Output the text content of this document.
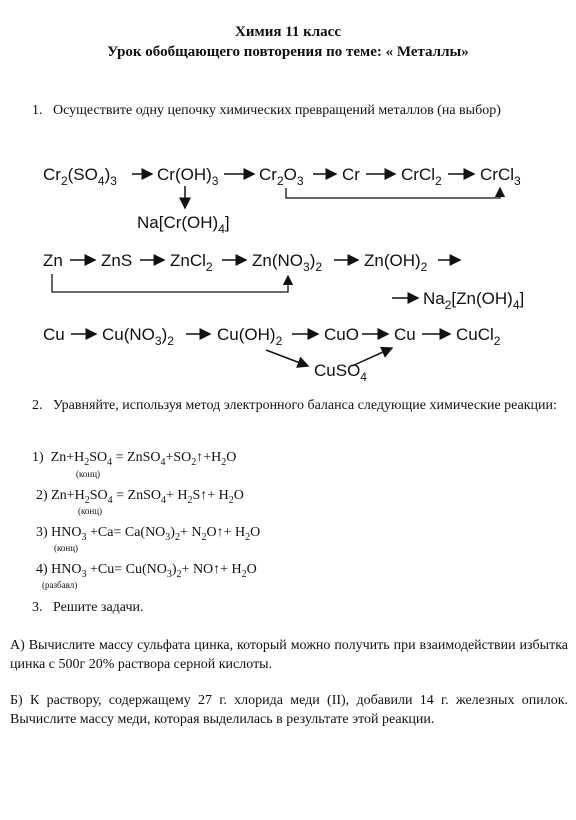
Химия 11 класс
Урок обобщающего повторения по теме: « Металлы»
1. Осуществите одну цепочку химических превращений металлов (на выбор)
$Cr_2(SO_4)_3$ $Cr(OH)_3$ $Cr_2O_3$ Cr CrCl$_2$ CrCl$_3$
$Na[Cr(OH)_4]$
Zn ZnS ZnCl$_2$ $Zn(NO_3)_2$ $Zn(OH)_2$
$Na_2[Zn(OH)_4]$
Cu $Cu(NO_3)_2$	$Cu(OH)_2$ CuO Cu CuCl$_2$
CuSO$_4$
2. Уравняйте, используя метод электронного баланса следующие химические реакции:
1)  $Zn+H_2SO_4$ = $ZnSO_4+SO_2↑+H_2O$
(конц)
2) $Zn+H_2SO_4$ = ZnSO$_4$+ $H_2S↑+ H_2O$
(конц)
3) $HNO_3 +Ca= Ca(NO_3)_2+$ $N_2O↑+ H_2O$
(конц)
4) $HNO_3 +Cu= Cu(NO_3)_2+$ NO↑+ $H_2O$
(разбавл)
3. Решите задачи.
А) Вычислите массу сульфата цинка, который можно получить при взаимодействии избытка цинка с 500г 20% раствора серной кислоты.
Б) К раствору, содержащему 27 г. хлорида меди (II), добавили 14 г. железных опилок. Вычислите массу меди, которая выделилась в результате этой реакции.
